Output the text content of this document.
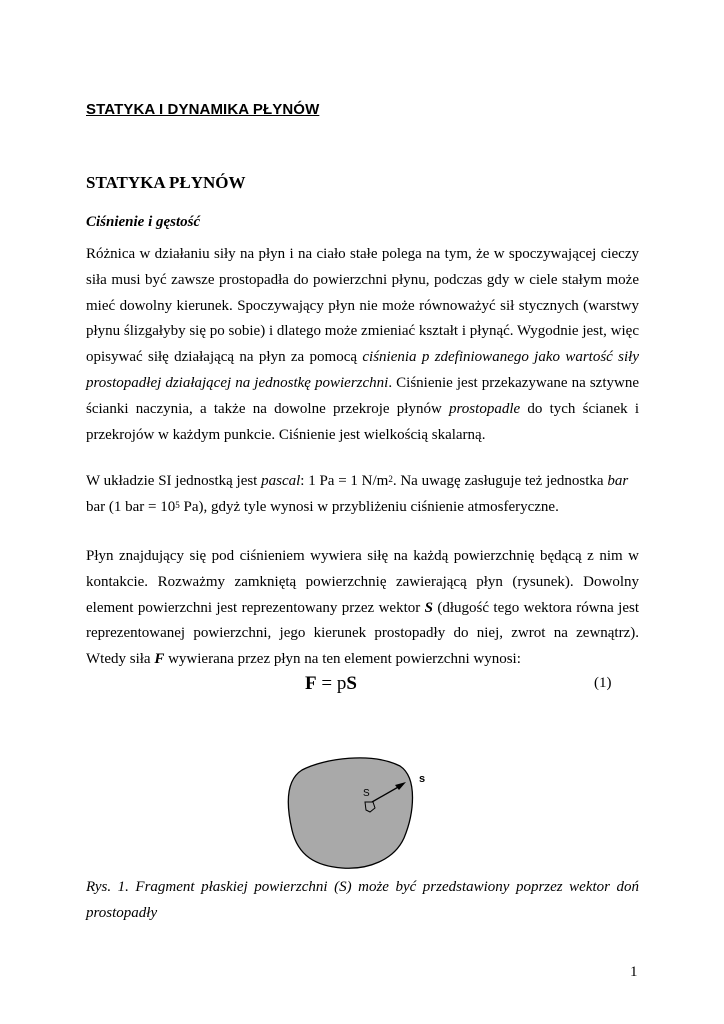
STATYKA I DYNAMIKA PŁYNÓW
STATYKA PŁYNÓW
Ciśnienie i gęstość

Różnica w działaniu siły na płyn i na ciało stałe polega na tym, że w spoczywającej cieczy siła musi być zawsze prostopadła do powierzchni płynu, podczas gdy w ciele stałym może mieć dowolny kierunek. Spoczywający płyn nie może równoważyć sił stycznych (warstwy płynu ślizgałyby się po sobie) i dlatego może zmieniać kształt i płynąć. Wygodnie jest, więc opisywać siłę działającą na płyn za pomocą ciśnienia p zdefiniowanego jako wartość siły prostopadłej działającej na jednostkę powierzchni. Ciśnienie jest przekazywane na sztywne ścianki naczynia, a także na dowolne przekroje płynów prostopadle do tych ścianek i przekrojów w każdym punkcie. Ciśnienie jest wielkością skalarną.

W układzie SI jednostką jest pascal: 1 Pa = 1 $N/m^2$. Na uwagę zasługuje też jednostka bar
bar (1 bar = $10^5$ Pa), gdyż tyle wynosi w przybliżeniu ciśnienie atmosferyczne.

Płyn znajdujący się pod ciśnieniem wywiera siłę na każdą powierzchnię będącą z nim w kontakcie. Rozważmy zamkniętą powierzchnię zawierającą płyn (rysunek). Dowolny element powierzchni jest reprezentowany przez wektor S (długość tego wektora równa jest reprezentowanej powierzchni, jego kierunek prostopadły do niej, zwrot na zewnątrz). Wtedy siła F wywierana przez płyn na ten element powierzchni wynosi:

F = pS	(1)
S
s

Rys. 1. Fragment płaskiej powierzchni (S) może być przedstawiony poprzez wektor doń prostopadły

1
